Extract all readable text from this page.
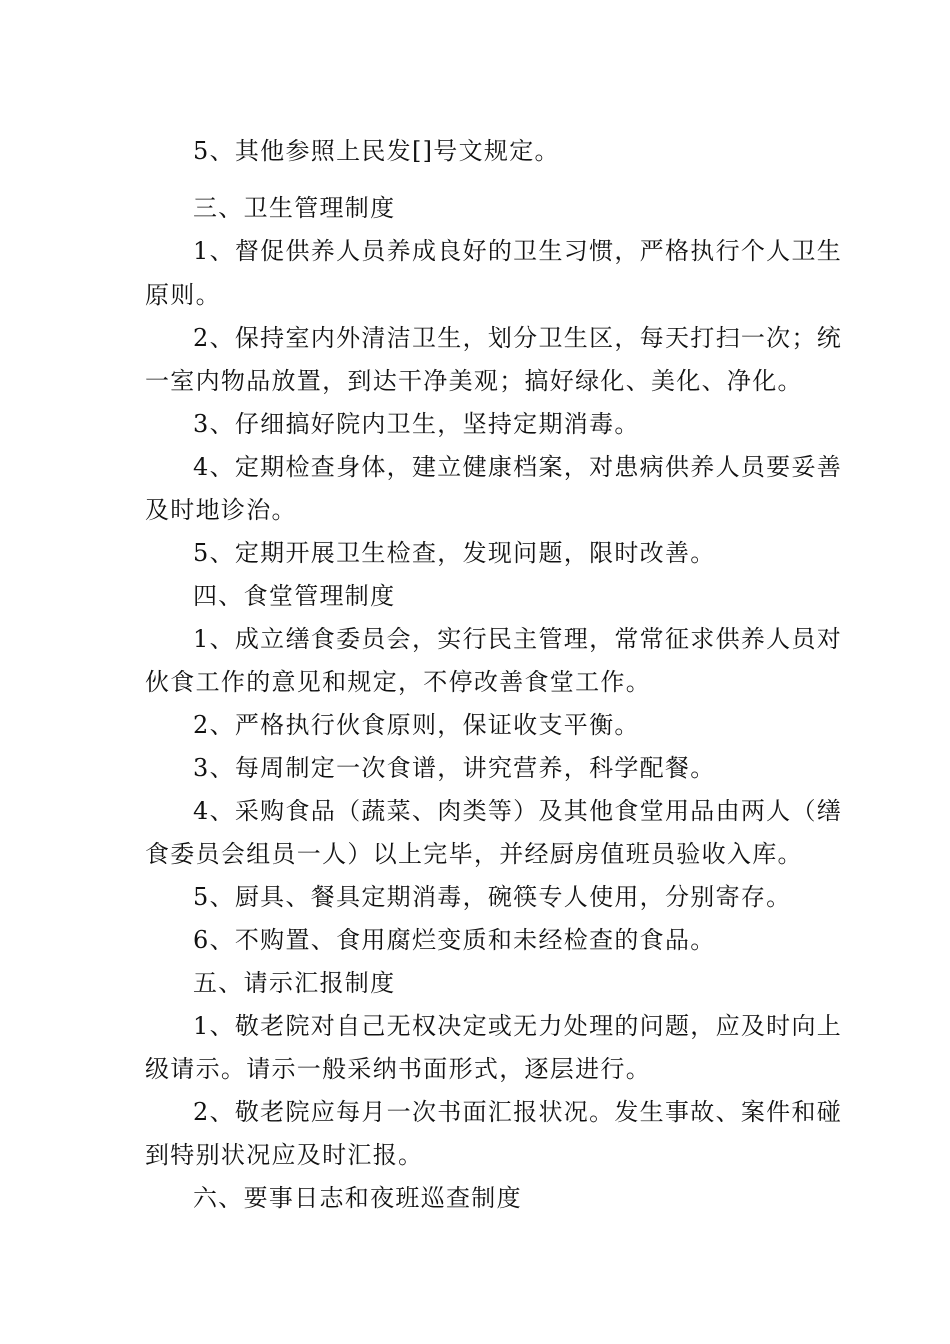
5、其他参照上民发[]号文规定。
三、卫生管理制度
1、督促供养人员养成良好的卫生习惯，严格执行个人卫生
原则。
2、保持室内外清洁卫生，划分卫生区，每天打扫一次；统
一室内物品放置，到达干净美观；搞好绿化、美化、净化。
3、仔细搞好院内卫生，坚持定期消毒。
4、定期检查身体，建立健康档案，对患病供养人员要妥善
及时地诊治。
5、定期开展卫生检查，发现问题，限时改善。
四、食堂管理制度
1、成立缮食委员会，实行民主管理，常常征求供养人员对
伙食工作的意见和规定，不停改善食堂工作。
2、严格执行伙食原则，保证收支平衡。
3、每周制定一次食谱，讲究营养，科学配餐。
4、采购食品（蔬菜、肉类等）及其他食堂用品由两人（缮
食委员会组员一人）以上完毕，并经厨房值班员验收入库。
5、厨具、餐具定期消毒，碗筷专人使用，分别寄存。
6、不购置、食用腐烂变质和未经检查的食品。
五、请示汇报制度
1、敬老院对自己无权决定或无力处理的问题，应及时向上
级请示。请示一般采纳书面形式，逐层进行。
2、敬老院应每月一次书面汇报状况。发生事故、案件和碰
到特别状况应及时汇报。
六、要事日志和夜班巡查制度
